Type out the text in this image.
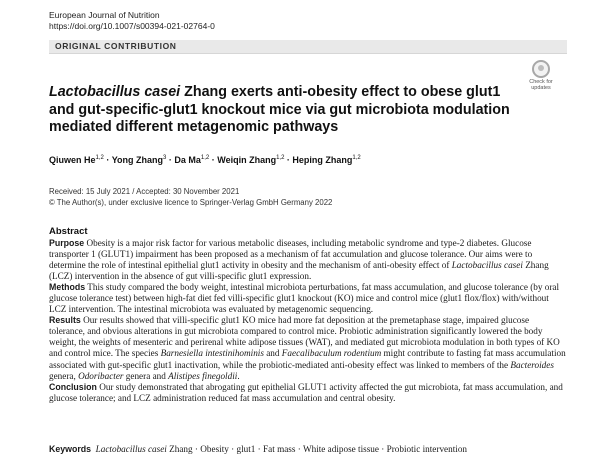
European Journal of Nutrition
https://doi.org/10.1007/s00394-021-02764-0
ORIGINAL CONTRIBUTION
Check for
updates
Lactobacillus casei Zhang exerts anti-obesity effect to obese glut1 and gut-specific-glut1 knockout mice via gut microbiota modulation mediated different metagenomic pathways
Qiuwen He$^{1,2}$ · Yong Zhang$^3$ · Da Ma$^{1,2}$ · Weiqin Zhang$^{1,2}$ · Heping Zhang$^{1,2}$
Received: 15 July 2021 / Accepted: 30 November 2021
© The Author(s), under exclusive licence to Springer-Verlag GmbH Germany 2022
Abstract

Purpose Obesity is a major risk factor for various metabolic diseases, including metabolic syndrome and type-2 diabetes. Glucose transporter 1 (GLUT1) impairment has been proposed as a mechanism of fat accumulation and glucose tolerance. Our aims were to determine the role of intestinal epithelial glut1 activity in obesity and the mechanism of anti-obesity effect of Lactobacillus casei Zhang (LCZ) intervention in the absence of gut villi-specific glut1 expression.

Methods This study compared the body weight, intestinal microbiota perturbations, fat mass accumulation, and glucose tolerance (by oral glucose tolerance test) between high-fat diet fed villi-specific glut1 knockout (KO) mice and control mice (glut1 flox/flox) with/without LCZ intervention. The intestinal microbiota was evaluated by metagenomic sequencing.

Results Our results showed that villi-specific glut1 KO mice had more fat deposition at the premetaphase stage, impaired glucose tolerance, and obvious alterations in gut microbiota compared to control mice. Probiotic administration significantly lowered the body weight, the weights of mesenteric and perirenal white adipose tissues (WAT), and mediated gut microbiota modulation in both types of KO and control mice. The species Barnesiella intestinihominis and Faecalibaculum rodentium might contribute to fasting fat mass accumulation associated with gut-specific glut1 inactivation, while the probiotic-mediated anti-obesity effect was linked to members of the Bacteroides genera, Odoribacter genera and Alistipes finegoldii.

Conclusion Our study demonstrated that abrogating gut epithelial GLUT1 activity affected the gut microbiota, fat mass accumulation, and glucose tolerance; and LCZ administration reduced fat mass accumulation and central obesity.

Keywords Lactobacillus casei Zhang · Obesity · glut1 · Fat mass · White adipose tissue · Probiotic intervention
